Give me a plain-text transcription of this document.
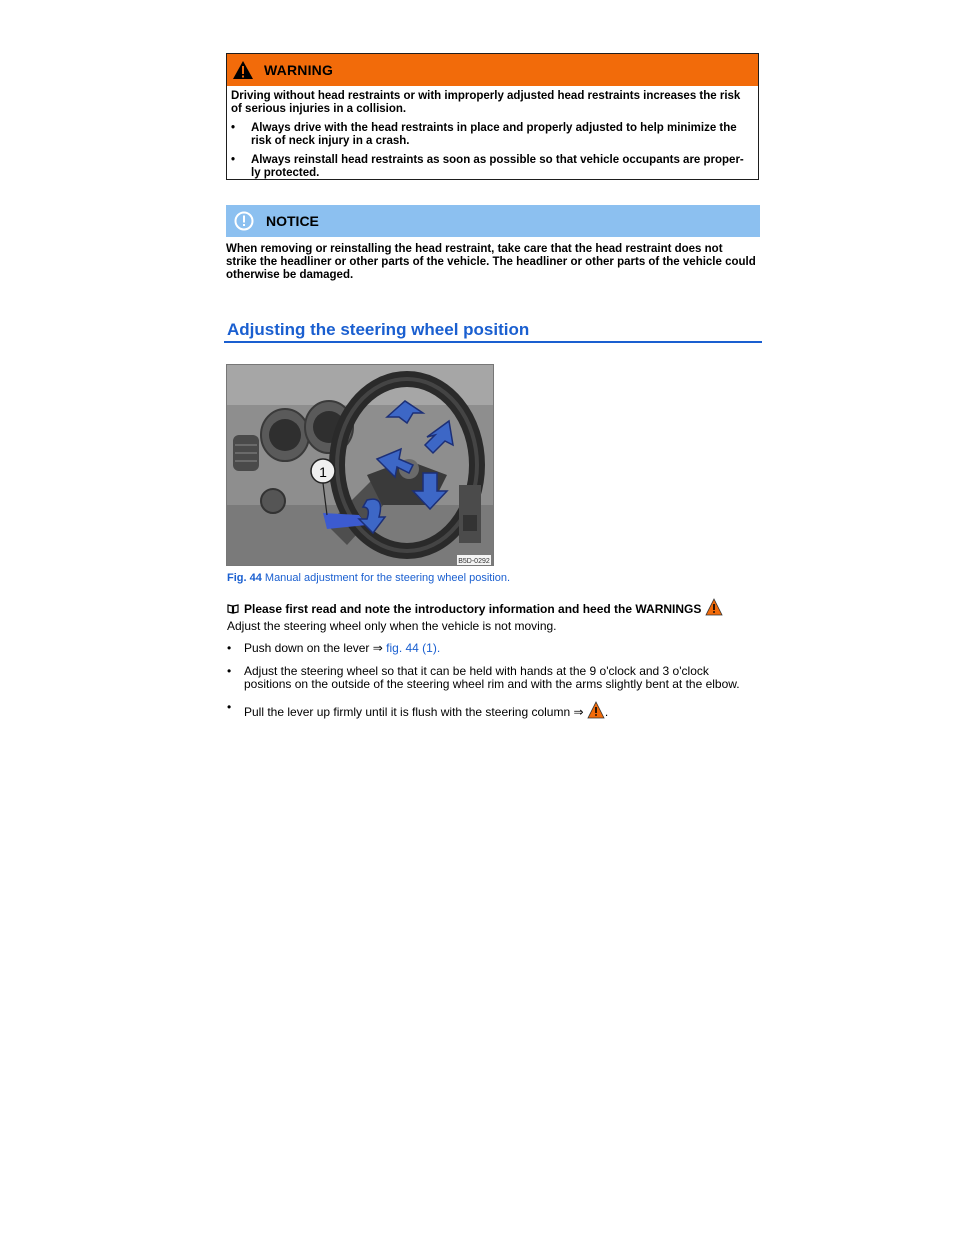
WARNING

Driving without head restraints or with improperly adjusted head restraints increases the risk of serious injuries in a collision.

•	Always drive with the head restraints in place and properly adjusted to help minimize the risk of neck injury in a crash.
•	Always reinstall head restraints as soon as possible so that vehicle occupants are proper-ly protected.
NOTICE
When removing or reinstalling the head restraint, take care that the head restraint does not strike the headliner or other parts of the vehicle. The headliner or other parts of the vehicle could otherwise be damaged.
Adjusting the steering wheel position
1
B5D-0292
Fig. 44 Manual adjustment for the steering wheel position.
Please first read and note the introductory information and heed the WARNINGS
Adjust the steering wheel only when the vehicle is not moving.
•	Push down on the lever ⇒ fig. 44 (1).
•	Adjust the steering wheel so that it can be held with hands at the 9 o'clock and 3 o'clock positions on the outside of the steering wheel rim and with the arms slightly bent at the elbow.
•	Pull the lever up firmly until it is flush with the steering column ⇒ .
